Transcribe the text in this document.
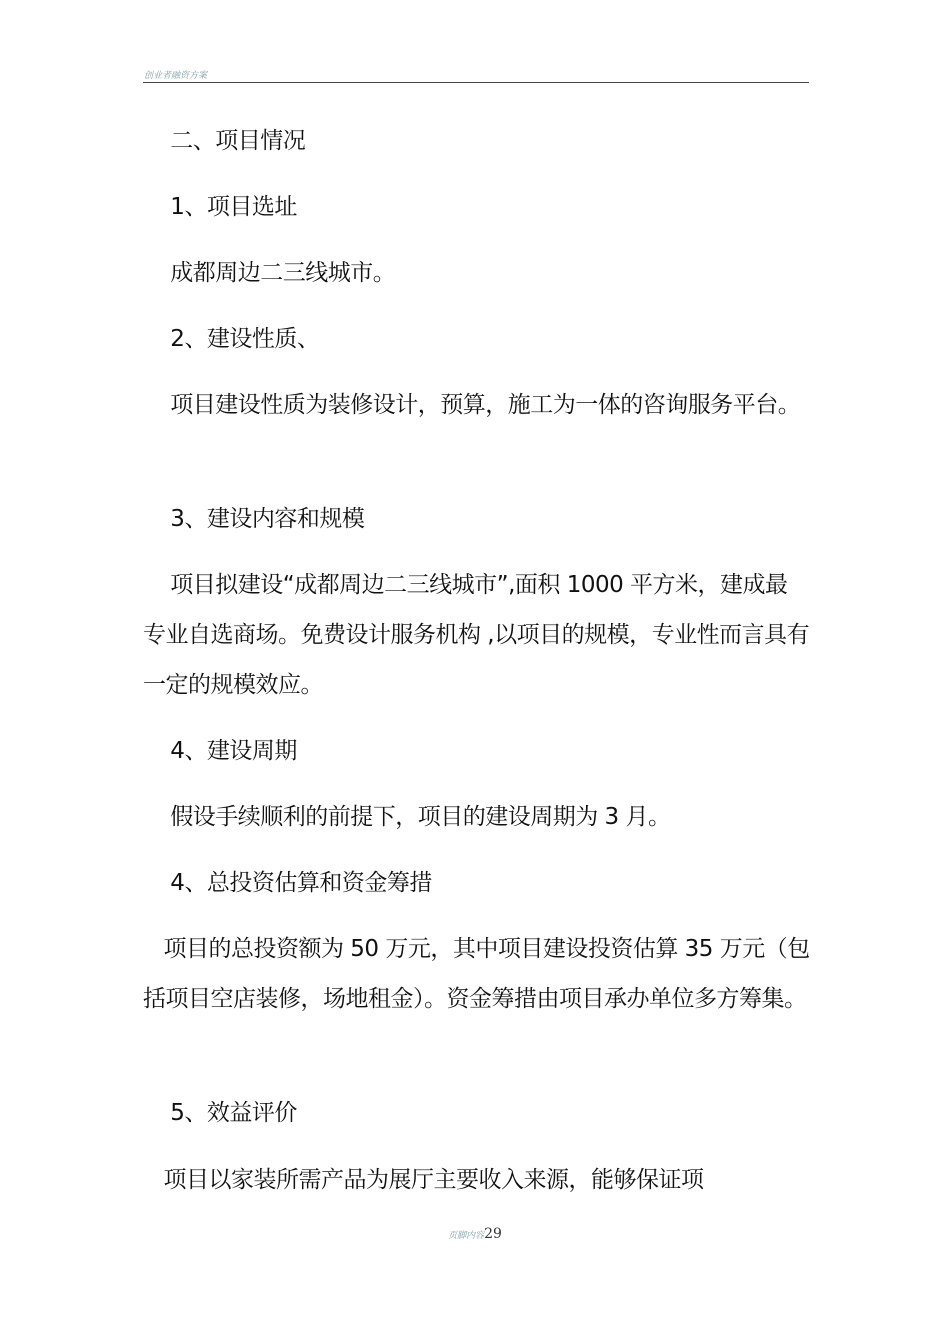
创业者融资方案
二、项目情况
1、项目选址
成都周边二三线城市。
2、建设性质、
项目建设性质为装修设计，预算，施工为一体的咨询服务平台。
3、建设内容和规模
项目拟建设“成都周边二三线城市”,面积 1000 平方米，建成最 专业自选商场。免费设计服务机构 ,以项目的规模，专业性而言具有一定的规模效应。
4、建设周期
假设手续顺利的前提下，项目的建设周期为 3 月。
4、总投资估算和资金筹措
项目的总投资额为 50 万元，其中项目建设投资估算 35 万元（包括项目空店装修，场地租金）。资金筹措由项目承办单位多方筹集。
5、效益评价
项目以家装所需产品为展厅主要收入来源，能够保证项
页脚内容29
